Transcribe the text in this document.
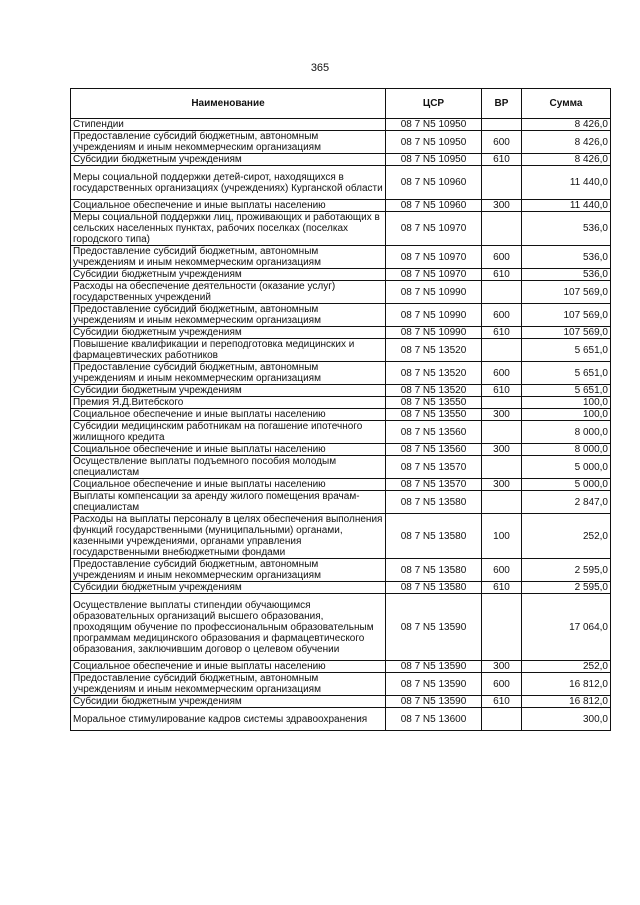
365
Наименование	ЦСР	ВР	Сумма
Стипендии	08 7 N5 10950		8 426,0
Предоставление субсидий бюджетным, автономным учреждениям и иным некоммерческим организациям	08 7 N5 10950	600	8 426,0
Субсидии бюджетным учреждениям	08 7 N5 10950	610	8 426,0
Меры социальной поддержки детей-сирот, находящихся в государственных организациях (учреждениях) Курганской области	08 7 N5 10960		11 440,0
Социальное обеспечение и иные выплаты населению	08 7 N5 10960	300	11 440,0
Меры социальной поддержки лиц, проживающих и работающих в сельских населенных пунктах, рабочих поселках (поселках городского типа)	08 7 N5 10970		536,0
Предоставление субсидий бюджетным, автономным учреждениям и иным некоммерческим организациям	08 7 N5 10970	600	536,0
Субсидии бюджетным учреждениям	08 7 N5 10970	610	536,0
Расходы на обеспечение деятельности (оказание услуг) государственных учреждений	08 7 N5 10990		107 569,0
Предоставление субсидий бюджетным, автономным учреждениям и иным некоммерческим организациям	08 7 N5 10990	600	107 569,0
Субсидии бюджетным учреждениям	08 7 N5 10990	610	107 569,0
Повышение квалификации и переподготовка медицинских и фармацевтических работников	08 7 N5 13520		5 651,0
Предоставление субсидий бюджетным, автономным учреждениям и иным некоммерческим организациям	08 7 N5 13520	600	5 651,0
Субсидии бюджетным учреждениям	08 7 N5 13520	610	5 651,0
Премия Я.Д.Витебского	08 7 N5 13550		100,0
Социальное обеспечение и иные выплаты населению	08 7 N5 13550	300	100,0
Субсидии медицинским работникам на погашение ипотечного жилищного кредита	08 7 N5 13560		8 000,0
Социальное обеспечение и иные выплаты населению	08 7 N5 13560	300	8 000,0
Осуществление выплаты подъемного пособия молодым специалистам	08 7 N5 13570		5 000,0
Социальное обеспечение и иные выплаты населению	08 7 N5 13570	300	5 000,0
Выплаты компенсации за аренду жилого помещения врачам-специалистам	08 7 N5 13580		2 847,0
Расходы на выплаты персоналу в целях обеспечения выполнения функций государственными (муниципальными) органами, казенными учреждениями, органами управления государственными внебюджетными фондами	08 7 N5 13580	100	252,0
Предоставление субсидий бюджетным, автономным учреждениям и иным некоммерческим организациям	08 7 N5 13580	600	2 595,0
Субсидии бюджетным учреждениям	08 7 N5 13580	610	2 595,0
Осуществление выплаты стипендии обучающимся образовательных организаций высшего образования, проходящим обучение по профессиональным образовательным программам медицинского образования и фармацевтического образования, заключившим договор о целевом обучении	08 7 N5 13590		17 064,0
Социальное обеспечение и иные выплаты населению	08 7 N5 13590	300	252,0
Предоставление субсидий бюджетным, автономным учреждениям и иным некоммерческим организациям	08 7 N5 13590	600	16 812,0
Субсидии бюджетным учреждениям	08 7 N5 13590	610	16 812,0
Моральное стимулирование кадров системы здравоохранения	08 7 N5 13600		300,0
